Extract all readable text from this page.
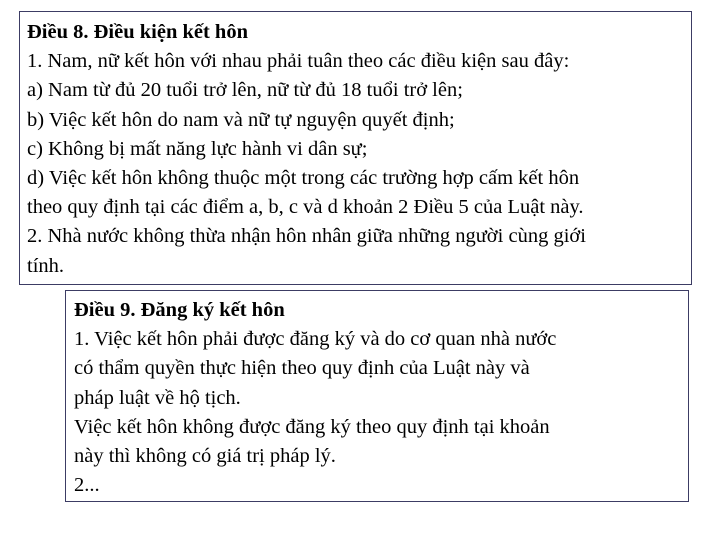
Điều 8. Điều kiện kết hôn
1. Nam, nữ kết hôn với nhau phải tuân theo các điều kiện sau đây:
a) Nam từ đủ 20 tuổi trở lên, nữ từ đủ 18 tuổi trở lên;
b) Việc kết hôn do nam và nữ tự nguyện quyết định;
c) Không bị mất năng lực hành vi dân sự;
d) Việc kết hôn không thuộc một trong các trường hợp cấm kết hôn
theo quy định tại các điểm a, b, c và d khoản 2 Điều 5 của Luật này.
2. Nhà nước không thừa nhận hôn nhân giữa những người cùng giới
tính.
Điều 9. Đăng ký kết hôn
1. Việc kết hôn phải được đăng ký và do cơ quan nhà nước
có thẩm quyền thực hiện theo quy định của Luật này và
pháp luật về hộ tịch.
Việc kết hôn không được đăng ký theo quy định tại khoản
này thì không có giá trị pháp lý.
2...
